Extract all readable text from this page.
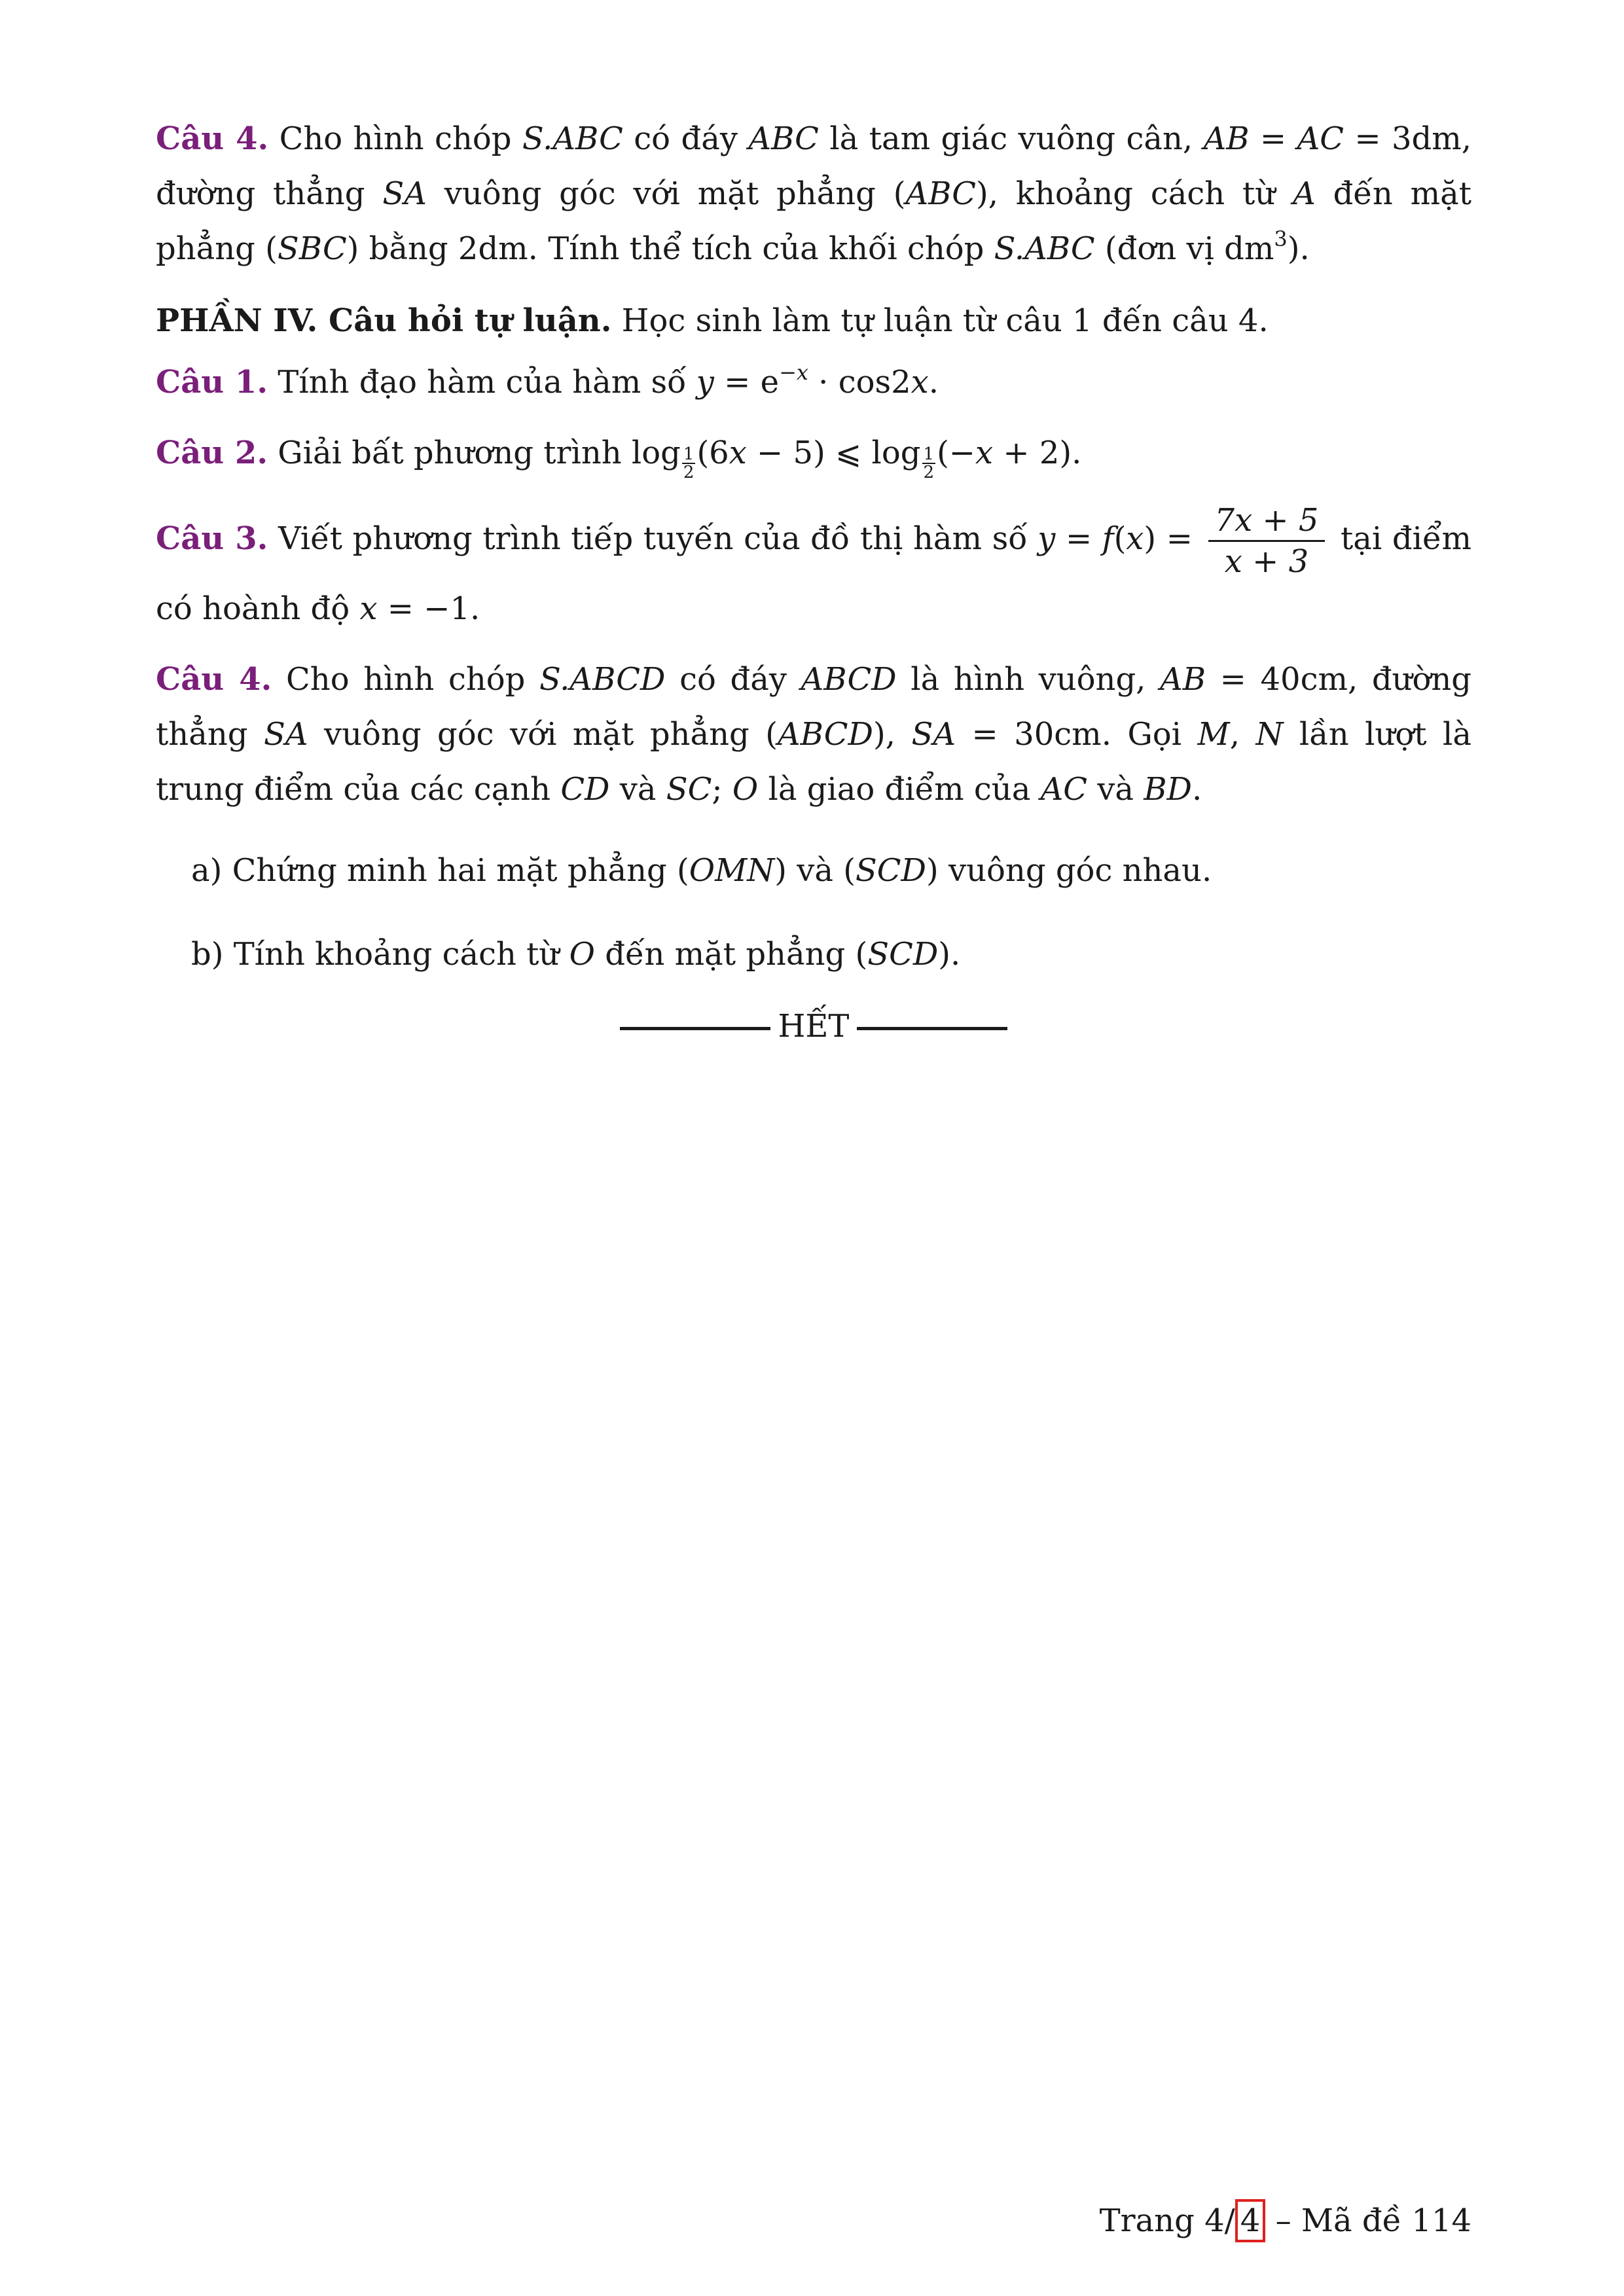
Câu 4. Cho hình chóp S.ABC có đáy ABC là tam giác vuông cân, AB = AC = 3dm, đường thẳng SA vuông góc với mặt phẳng (ABC), khoảng cách từ A đến mặt phẳng (SBC) bằng 2dm. Tính thể tích của khối chóp S.ABC (đơn vị $dm^3$).

PHẦN IV. Câu hỏi tự luận. Học sinh làm tự luận từ câu 1 đến câu 4.

Câu 1. Tính đạo hàm của hàm số $y = e^{-x} \cdot \cos 2x$.

Câu 2. Giải bất phương trình $\log \frac{1}{2} (6x - 5)$ ⩽ $\log \frac{1}{2} (-x + 2)$.

Câu 3. Viết phương trình tiếp tuyến của đồ thị hàm số $y = f(x) = \frac{7x + 5}{x + 3}$ tại điểm có hoành độ x = −1.

Câu 4. Cho hình chóp S.ABCD có đáy ABCD là hình vuông, AB = 40cm, đường thẳng SA vuông góc với mặt phẳng (ABCD), SA = 30cm. Gọi M, N lần lượt là trung điểm của các cạnh CD và SC; O là giao điểm của AC và BD.

a) Chứng minh hai mặt phẳng (OMN) và (SCD) vuông góc nhau.

b) Tính khoảng cách từ O đến mặt phẳng (SCD).

HẾT
Trang 4/ 4 – Mã đề 114
